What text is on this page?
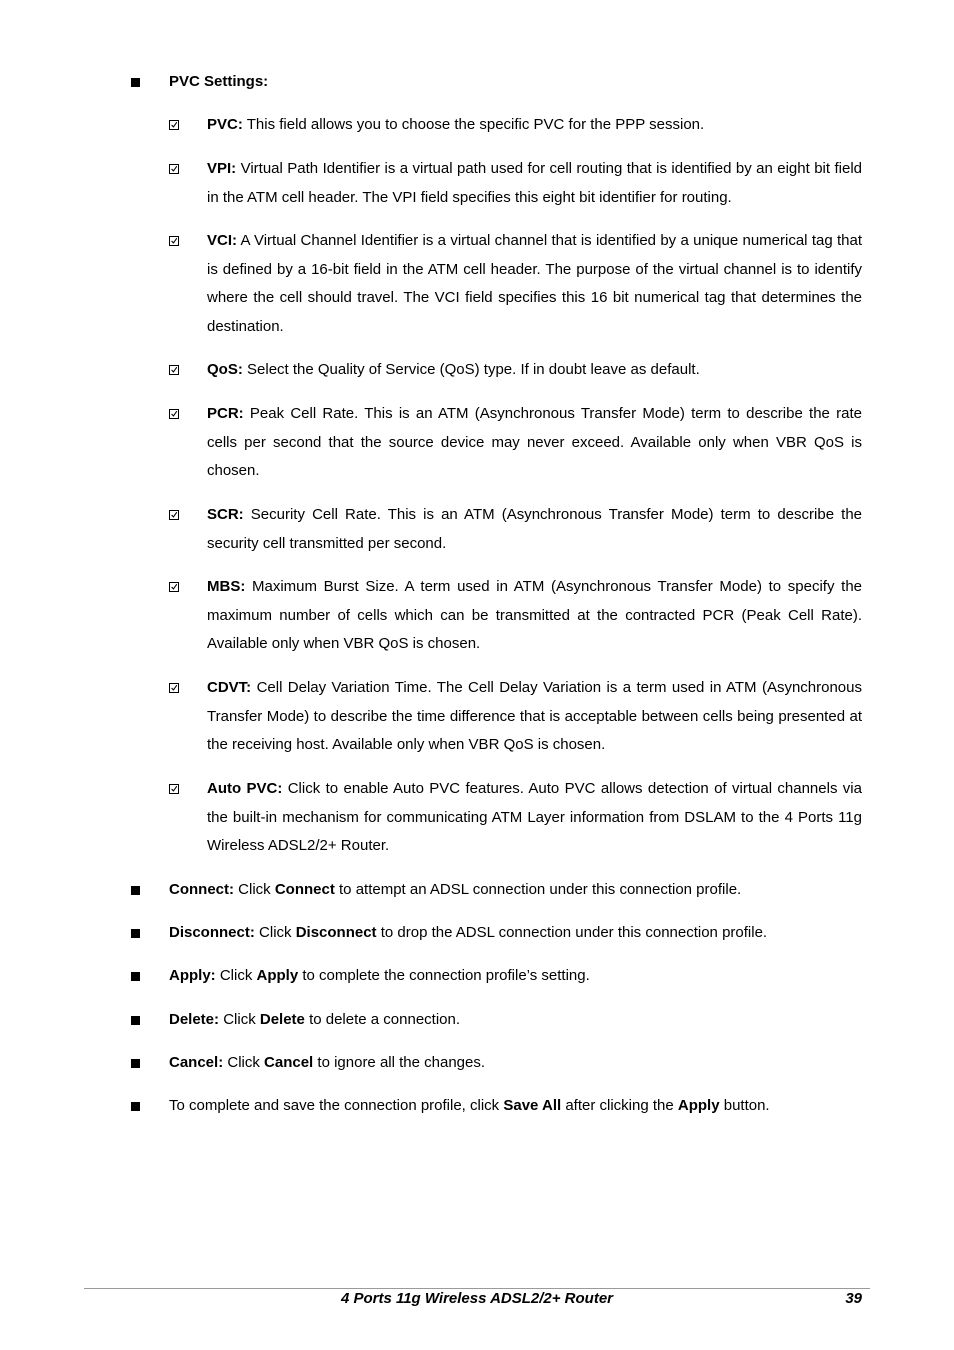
PVC Settings:
PVC: This field allows you to choose the specific PVC for the PPP session.
VPI: Virtual Path Identifier is a virtual path used for cell routing that is identified by an eight bit field in the ATM cell header. The VPI field specifies this eight bit identifier for routing.
VCI: A Virtual Channel Identifier is a virtual channel that is identified by a unique numerical tag that is defined by a 16-bit field in the ATM cell header. The purpose of the virtual channel is to identify where the cell should travel. The VCI field specifies this 16 bit numerical tag that determines the destination.
QoS: Select the Quality of Service (QoS) type. If in doubt leave as default.
PCR: Peak Cell Rate. This is an ATM (Asynchronous Transfer Mode) term to describe the rate cells per second that the source device may never exceed. Available only when VBR QoS is chosen.
SCR: Security Cell Rate. This is an ATM (Asynchronous Transfer Mode) term to describe the security cell transmitted per second.
MBS: Maximum Burst Size. A term used in ATM (Asynchronous Transfer Mode) to specify the maximum number of cells which can be transmitted at the contracted PCR (Peak Cell Rate). Available only when VBR QoS is chosen.
CDVT: Cell Delay Variation Time. The Cell Delay Variation is a term used in ATM (Asynchronous Transfer Mode) to describe the time difference that is acceptable between cells being presented at the receiving host. Available only when VBR QoS is chosen.
Auto PVC: Click to enable Auto PVC features. Auto PVC allows detection of virtual channels via the built-in mechanism for communicating ATM Layer information from DSLAM to the 4 Ports 11g Wireless ADSL2/2+ Router.
Connect: Click Connect to attempt an ADSL connection under this connection profile.
Disconnect: Click Disconnect to drop the ADSL connection under this connection profile.
Apply: Click Apply to complete the connection profile’s setting.
Delete: Click Delete to delete a connection.
Cancel: Click Cancel to ignore all the changes.
To complete and save the connection profile, click Save All after clicking the Apply button.
4 Ports 11g Wireless ADSL2/2+ Router	39
